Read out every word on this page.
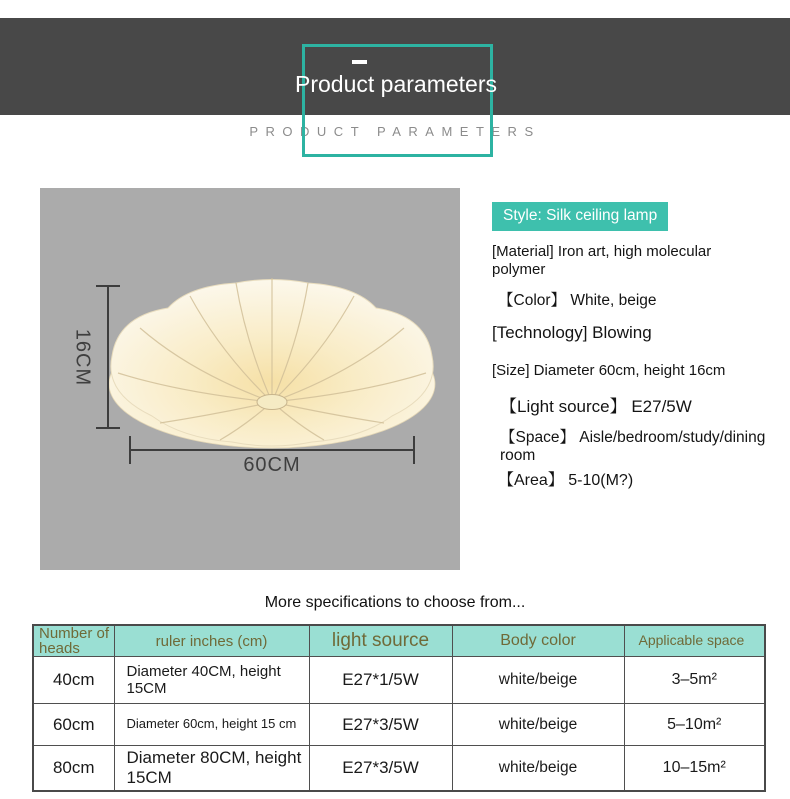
Product parameters
PRODUCT PARAMETERS
16CM
60CM
Style: Silk ceiling lamp

[Material] Iron art, high molecular polymer

【Color】 White, beige

[Technology] Blowing

[Size] Diameter 60cm, height 16cm

【Light source】 E27/5W

【Space】 Aisle/bedroom/study/dining room

【Area】 5-10(M?)

More specifications to choose from...
Number of heads	ruler inches (cm)	light source	Body color	Applicable space
40cm	Diameter 40CM, height 15CM	E27*1/5W	white/beige	3–5m²
60cm	Diameter 60cm, height 15 cm	E27*3/5W	white/beige	5–10m²
80cm	Diameter 80CM, height 15CM	E27*3/5W	white/beige	10–15m²
